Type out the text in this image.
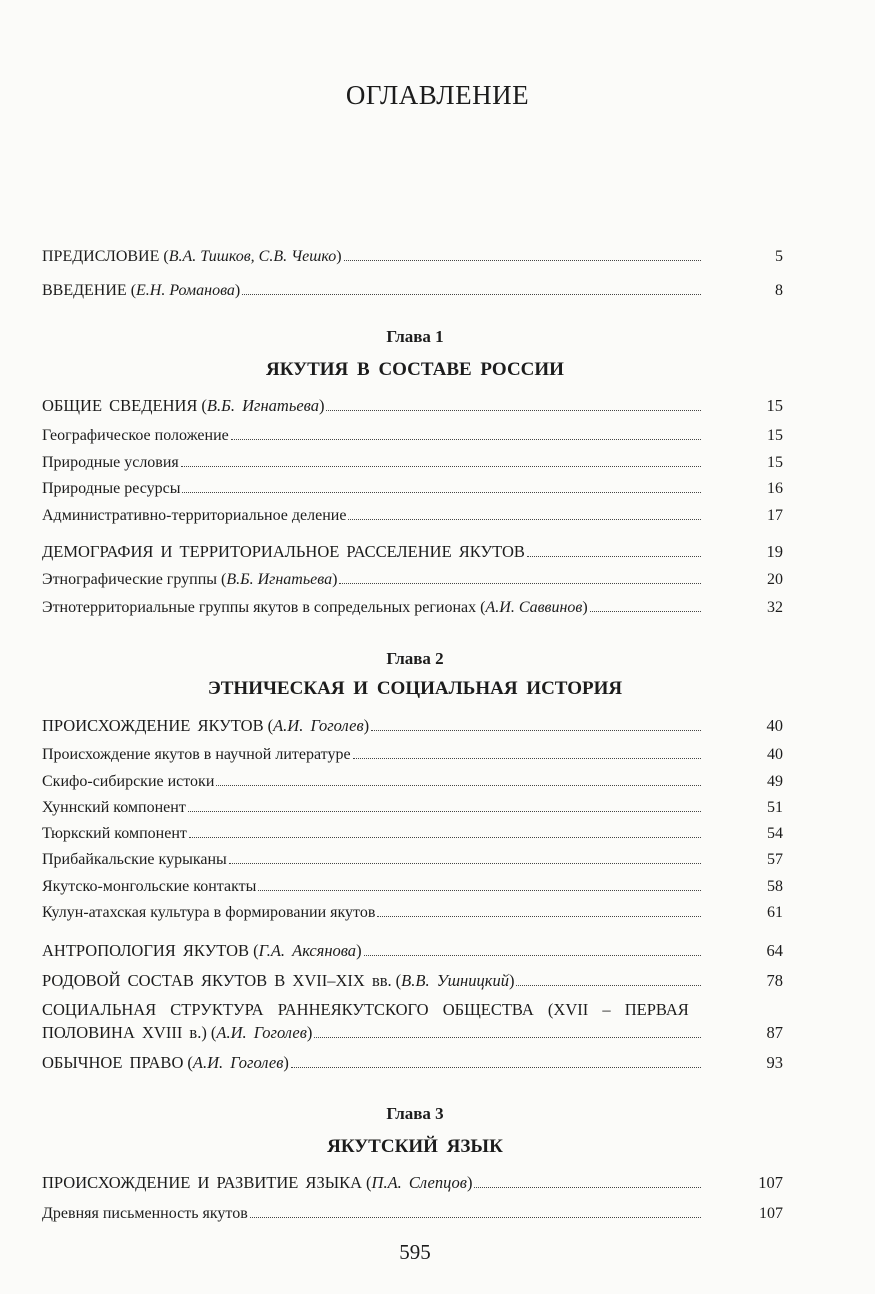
ОГЛАВЛЕНИЕ
ПРЕДИСЛОВИЕ ( В.А. Тишков, С.В. Чешко )	5
ВВЕДЕНИЕ ( Е.Н. Романова )	8
Глава 1
ЯКУТИЯ В СОСТАВЕ РОССИИ
ОБЩИЕ СВЕДЕНИЯ ( В.Б. Игнатьева )	15
Географическое положение	15
Природные условия	15
Природные ресурсы	16
Административно-территориальное деление	17
ДЕМОГРАФИЯ И ТЕРРИТОРИАЛЬНОЕ РАССЕЛЕНИЕ ЯКУТОВ	19
Этнографические группы ( В.Б. Игнатьева )	20
Этнотерриториальные группы якутов в сопредельных регионах ( А.И. Саввинов )	32
Глава 2
ЭТНИЧЕСКАЯ И СОЦИАЛЬНАЯ ИСТОРИЯ
ПРОИСХОЖДЕНИЕ ЯКУТОВ ( А.И. Гоголев )	40
Происхождение якутов в научной литературе	40
Скифо-сибирские истоки	49
Хуннский компонент	51
Тюркский компонент	54
Прибайкальские курыканы	57
Якутско-монгольские контакты	58
Кулун-атахская культура в формировании якутов	61
АНТРОПОЛОГИЯ ЯКУТОВ ( Г.А. Аксянова )	64
РОДОВОЙ СОСТАВ ЯКУТОВ В XVII–XIX вв. ( В.В. Ушницкий )	78
СОЦИАЛЬНАЯ СТРУКТУРА РАННЕЯКУТСКОГО ОБЩЕСТВА (XVII – ПЕРВАЯ
ПОЛОВИНА XVIII в.) ( А.И. Гоголев )	87
ОБЫЧНОЕ ПРАВО ( А.И. Гоголев )	93
Глава 3
ЯКУТСКИЙ ЯЗЫК
ПРОИСХОЖДЕНИЕ И РАЗВИТИЕ ЯЗЫКА ( П.А. Слепцов )	107
Древняя письменность якутов	107
595
